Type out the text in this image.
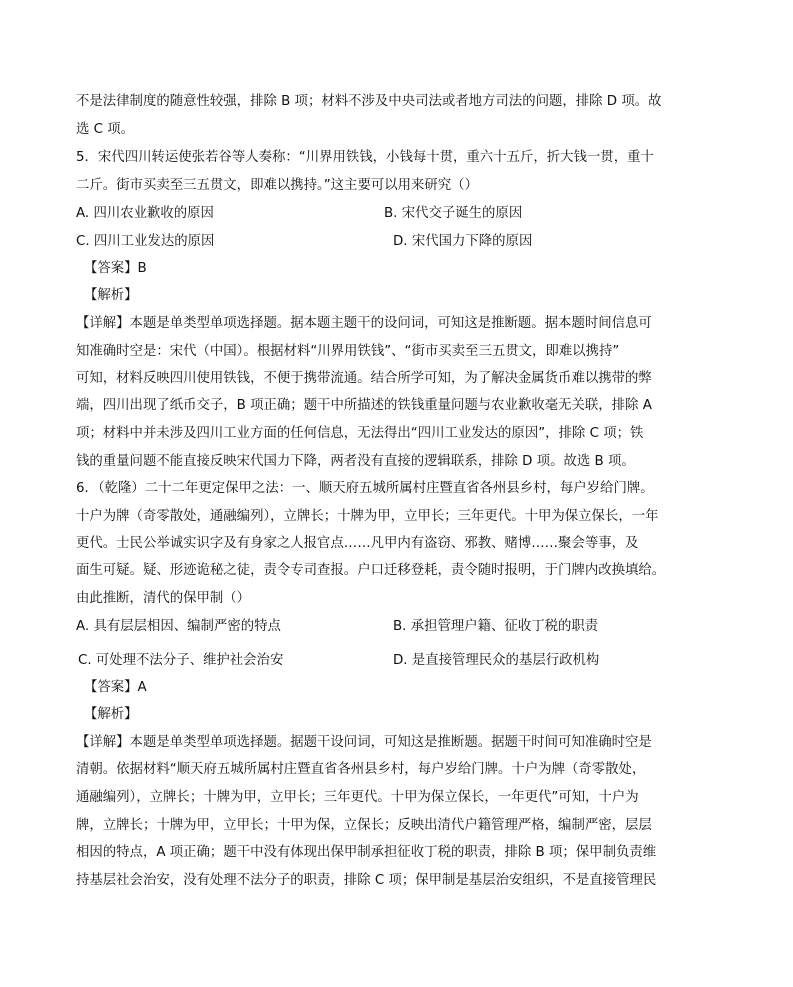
不是法律制度的随意性较强，排除 B 项；材料不涉及中央司法或者地方司法的问题，排除 D 项。故
选 C 项。
5．宋代四川转运使张若谷等人奏称：“川界用铁钱，小钱每十贯，重六十五斤，折大钱一贯，重十
二斤。街市买卖至三五贯文，即难以携持。”这主要可以用来研究（）
A. 四川农业歉收的原因	B. 宋代交子诞生的原因
C. 四川工业发达的原因	D. 宋代国力下降的原因
【答案】B
【解析】
【详解】本题是单类型单项选择题。据本题主题干的设问词，可知这是推断题。据本题时间信息可
知准确时空是：宋代（中国）。根据材料“川界用铁钱”、“街市买卖至三五贯文，即难以携持”
可知，材料反映四川使用铁钱，不便于携带流通。结合所学可知，为了解决金属货币难以携带的弊
端，四川出现了纸币交子，B 项正确；题干中所描述的铁钱重量问题与农业歉收毫无关联，排除 A
项；材料中并未涉及四川工业方面的任何信息，无法得出“四川工业发达的原因”，排除 C 项；铁
钱的重量问题不能直接反映宋代国力下降，两者没有直接的逻辑联系，排除 D 项。故选 B 项。
6．（乾隆）二十二年更定保甲之法：一、顺天府五城所属村庄暨直省各州县乡村，每户岁给门牌。
十户为牌（奇零散处，通融编列），立牌长；十牌为甲，立甲长；三年更代。十甲为保立保长，一年
更代。士民公举诚实识字及有身家之人报官点……凡甲内有盗窃、邪教、赌博……聚会等事，及
面生可疑。疑、形迹诡秘之徒，责令专司查报。户口迁移登耗，责令随时报明，于门牌内改换填给。
由此推断，清代的保甲制（）
A. 具有层层相因、编制严密的特点	B. 承担管理户籍、征收丁税的职责
C. 可处理不法分子、维护社会治安	D. 是直接管理民众的基层行政机构
【答案】A
【解析】
【详解】本题是单类型单项选择题。据题干设问词，可知这是推断题。据题干时间可知准确时空是
清朝。依据材料“顺天府五城所属村庄暨直省各州县乡村，每户岁给门牌。十户为牌（奇零散处，
通融编列），立牌长；十牌为甲，立甲长；三年更代。十甲为保立保长，一年更代”可知，十户为
牌，立牌长；十牌为甲，立甲长；十甲为保，立保长；反映出清代户籍管理严格，编制严密，层层
相因的特点，A 项正确；题干中没有体现出保甲制承担征收丁税的职责，排除 B 项；保甲制负责维
持基层社会治安，没有处理不法分子的职责，排除 C 项；保甲制是基层治安组织，不是直接管理民
